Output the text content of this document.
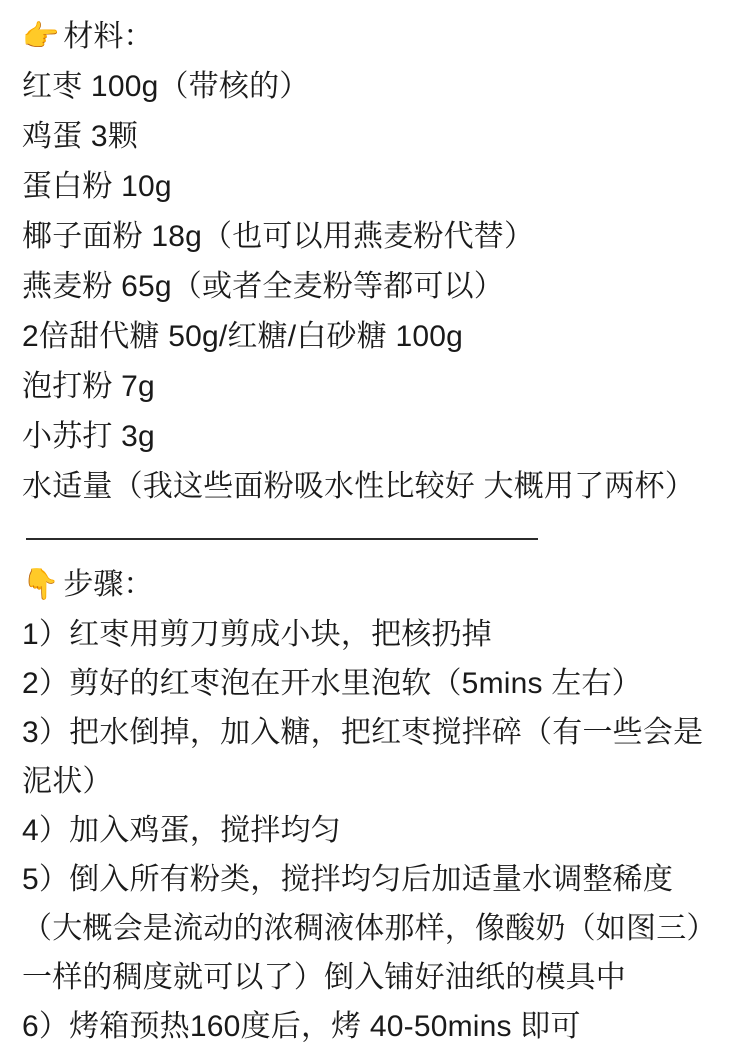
👉 材料：
红枣 100g（带核的）
鸡蛋 3颗
蛋白粉 10g
椰子面粉 18g（也可以用燕麦粉代替）
燕麦粉 65g（或者全麦粉等都可以）
2倍甜代糖 50g/红糖/白砂糖 100g
泡打粉 7g
小苏打 3g
水适量（我这些面粉吸水性比较好 大概用了两杯）
👇 步骤：
1）红枣用剪刀剪成小块，把核扔掉
2）剪好的红枣泡在开水里泡软（5mins 左右）
3）把水倒掉，加入糖，把红枣搅拌碎（有一些会是泥状）
4）加入鸡蛋，搅拌均匀
5）倒入所有粉类，搅拌均匀后加适量水调整稀度（大概会是流动的浓稠液体那样，像酸奶（如图三）一样的稠度就可以了）倒入铺好油纸的模具中
6）烤箱预热160度后，烤 40-50mins 即可
